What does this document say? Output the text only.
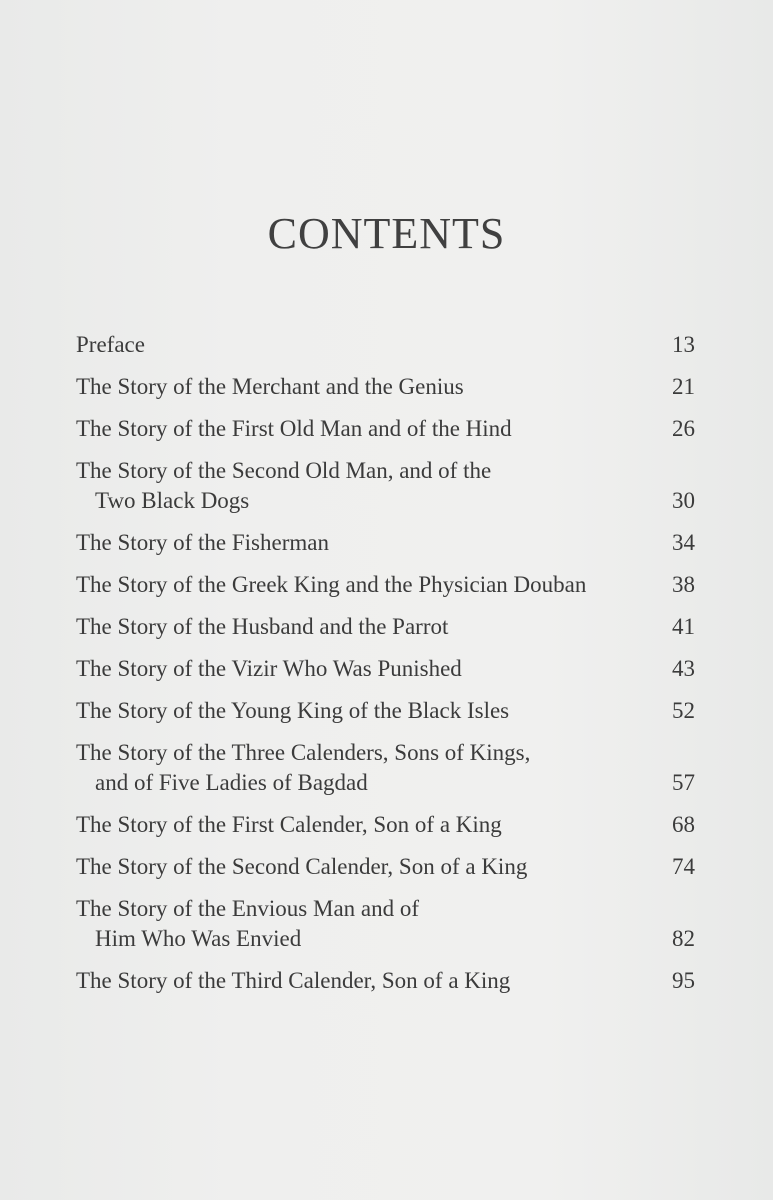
CONTENTS
Preface	13
The Story of the Merchant and the Genius	21
The Story of the First Old Man and of the Hind	26
The Story of the Second Old Man, and of the
Two Black Dogs	30
The Story of the Fisherman	34
The Story of the Greek King and the Physician Douban	38
The Story of the Husband and the Parrot	41
The Story of the Vizir Who Was Punished	43
The Story of the Young King of the Black Isles	52
The Story of the Three Calenders, Sons of Kings,
and of Five Ladies of Bagdad	57
The Story of the First Calender, Son of a King	68
The Story of the Second Calender, Son of a King	74
The Story of the Envious Man and of
Him Who Was Envied	82
The Story of the Third Calender, Son of a King	95
